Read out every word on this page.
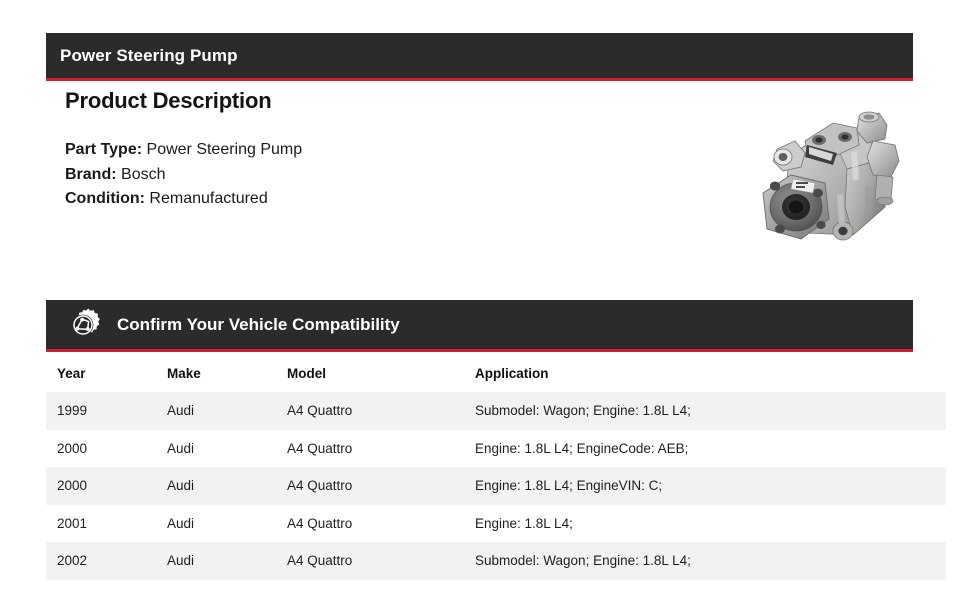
Power Steering Pump
Product Description
Part Type: Power Steering Pump
Brand: Bosch
Condition: Remanufactured
Confirm Your Vehicle Compatibility
Year	Make	Model	Application
1999	Audi	A4 Quattro	Submodel: Wagon; Engine: 1.8L L4;
2000	Audi	A4 Quattro	Engine: 1.8L L4; EngineCode: AEB;
2000	Audi	A4 Quattro	Engine: 1.8L L4; EngineVIN: C;
2001	Audi	A4 Quattro	Engine: 1.8L L4;
2002	Audi	A4 Quattro	Submodel: Wagon; Engine: 1.8L L4;
